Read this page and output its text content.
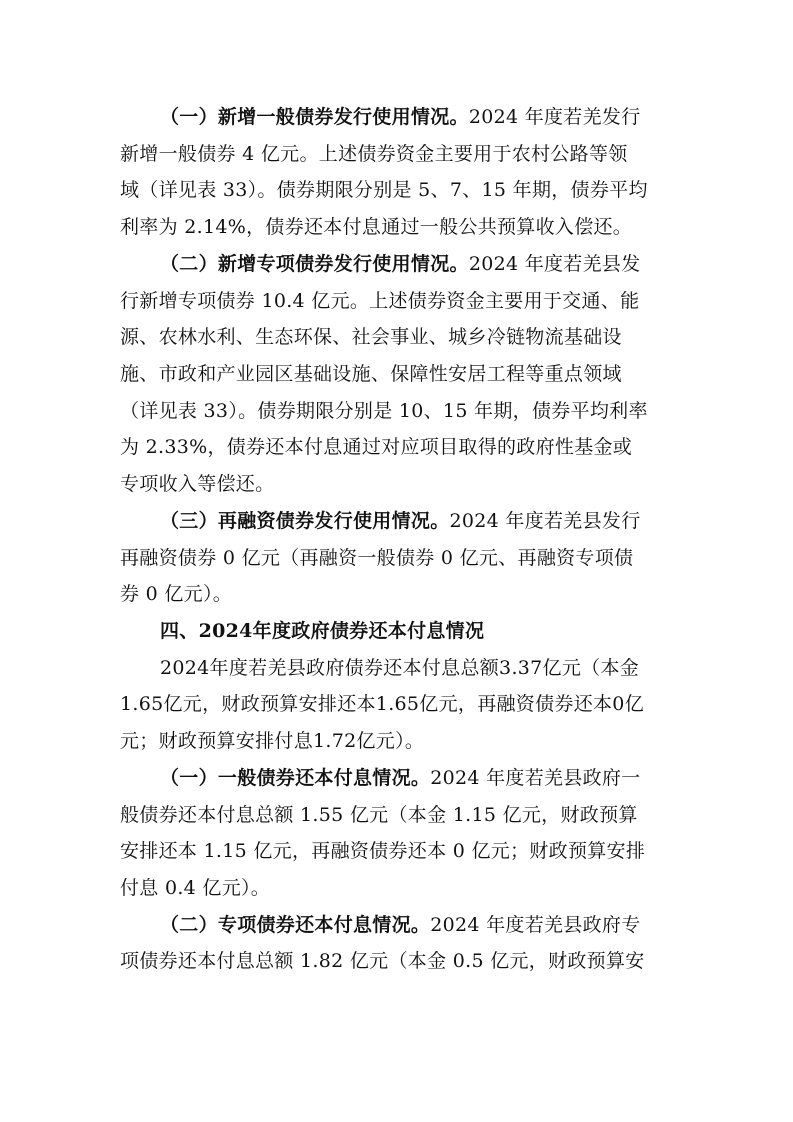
（一）新增一般债券发行使用情况。2024 年度若羌发行
新增一般债券 4 亿元。上述债券资金主要用于农村公路等领
域（详见表 33）。债券期限分别是 5、7、15 年期，债券平均
利率为 2.14%，债券还本付息通过一般公共预算收入偿还。
（二）新增专项债券发行使用情况。2024 年度若羌县发
行新增专项债券 10.4 亿元。上述债券资金主要用于交通、能
源、农林水利、生态环保、社会事业、城乡冷链物流基础设
施、市政和产业园区基础设施、保障性安居工程等重点领域
（详见表 33）。债券期限分别是 10、15 年期，债券平均利率
为 2.33%，债券还本付息通过对应项目取得的政府性基金或
专项收入等偿还。
（三）再融资债券发行使用情况。2024 年度若羌县发行
再融资债券 0 亿元（再融资一般债券 0 亿元、再融资专项债
券 0 亿元）。
四、2024年度政府债券还本付息情况
2024年度若羌县政府债券还本付息总额3.37亿元（本金
1.65亿元，财政预算安排还本1.65亿元，再融资债券还本0亿
元；财政预算安排付息1.72亿元）。
（一）一般债券还本付息情况。2024 年度若羌县政府一
般债券还本付息总额 1.55 亿元（本金 1.15 亿元，财政预算
安排还本 1.15 亿元，再融资债券还本 0 亿元；财政预算安排
付息 0.4 亿元）。
（二）专项债券还本付息情况。2024 年度若羌县政府专
项债券还本付息总额 1.82 亿元（本金 0.5 亿元，财政预算安
